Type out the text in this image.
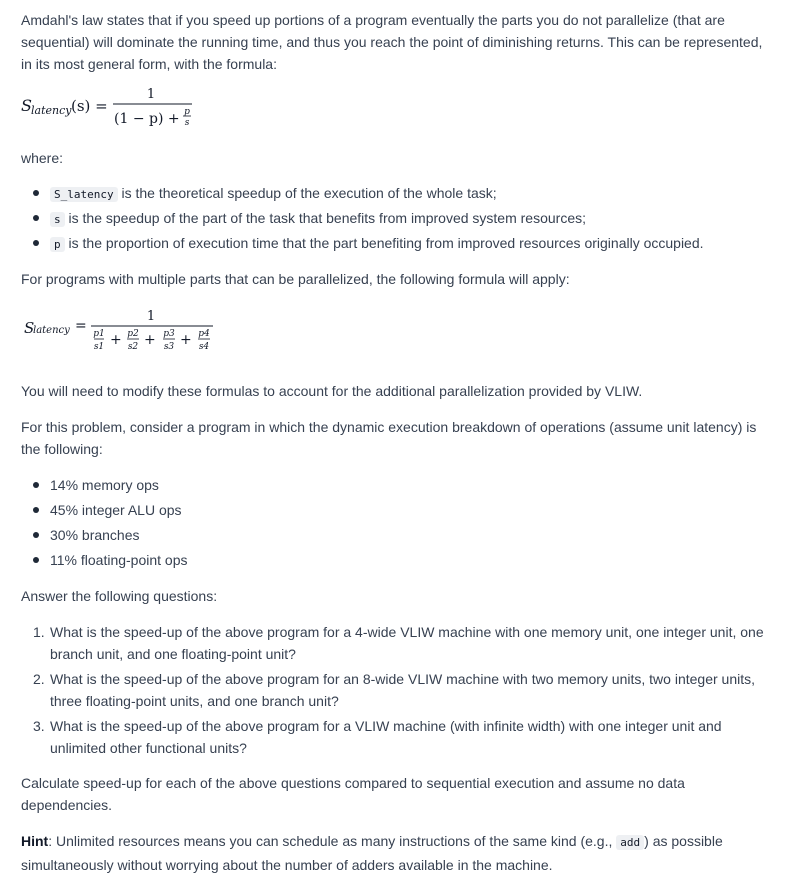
Amdahl's law states that if you speed up portions of a program eventually the parts you do not parallelize (that are sequential) will dominate the running time, and thus you reach the point of diminishing returns. This can be represented, in its most general form, with the formula:

S latency (s) =
1
(1 − p) + p
s

where:

S_latency is the theoretical speedup of the execution of the whole task;
s is the speedup of the part of the task that benefits from improved system resources;
p is the proportion of execution time that the part benefiting from improved resources originally occupied.

For programs with multiple parts that can be parallelized, the following formula will apply:

S
latency =
1
p1
s1 + p2
s2 + p3
s3 + p4
s4

You will need to modify these formulas to account for the additional parallelization provided by VLIW.

For this problem, consider a program in which the dynamic execution breakdown of operations (assume unit latency) is the following:

14% memory ops
45% integer ALU ops
30% branches
11% floating-point ops

Answer the following questions:

1. What is the speed-up of the above program for a 4-wide VLIW machine with one memory unit, one integer unit, one branch unit, and one floating-point unit?
2. What is the speed-up of the above program for an 8-wide VLIW machine with two memory units, two integer units, three floating-point units, and one branch unit?
3. What is the speed-up of the above program for a VLIW machine (with infinite width) with one integer unit and unlimited other functional units?

Calculate speed-up for each of the above questions compared to sequential execution and assume no data dependencies.

Hint: Unlimited resources means you can schedule as many instructions of the same kind (e.g., add ) as possible simultaneously without worrying about the number of adders available in the machine.
